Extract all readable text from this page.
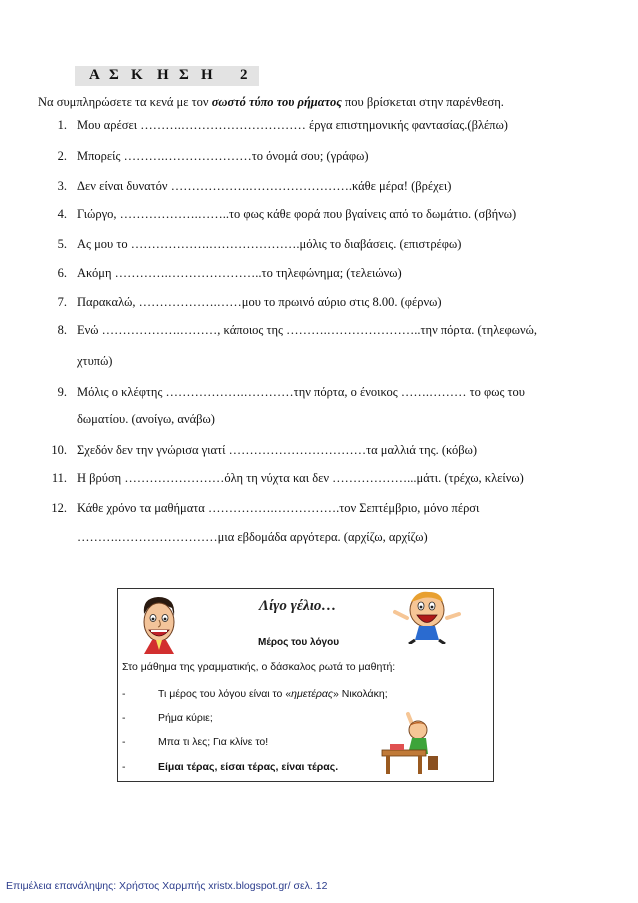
Α Σ Κ Η Σ Η 2
Να συμπληρώσετε τα κενά με τον σωστό τύπο του ρήματος που βρίσκεται στην παρένθεση.
1. Μου αρέσει ……….………………………… έργα επιστημονικής φαντασίας.(βλέπω)
2. Μπορείς ……….…………………το όνομά σου; (γράφω)
3. Δεν είναι δυνατόν ……………….…………………….κάθε μέρα! (βρέχει)
4. Γιώργο, ……………….……..το φως κάθε φορά που βγαίνεις από το δωμάτιο. (σβήνω)
5. Ας μου το ……………….………………….μόλις το διαβάσεις. (επιστρέφω)
6. Ακόμη ………….…………………..το τηλεφώνημα; (τελειώνω)
7. Παρακαλώ, ……………….……μου το πρωινό αύριο στις 8.00. (φέρνω)
8. Ενώ ……………….………, κάποιος της ……….…………………..την πόρτα. (τηλεφωνώ,
χτυπώ)
9. Μόλις ο κλέφτης ……………….…………την πόρτα, ο ένοικος …….……… το φως του
δωματίου. (ανοίγω, ανάβω)
10. Σχεδόν δεν την γνώρισα γιατί ……………………………τα μαλλιά της. (κόβω)
11. Η βρύση ……………………όλη τη νύχτα και δεν ………………...μάτι. (τρέχω, κλείνω)
12. Κάθε χρόνο τα μαθήματα …………….…………….τον Σεπτέμβριο, μόνο πέρσι
……….……………………μια εβδομάδα αργότερα. (αρχίζω, αρχίζω)
Λίγο γέλιο…
Μέρος του λόγου
Στο μάθημα της γραμματικής, ο δάσκαλος ρωτά το μαθητή:
-	Τι μέρος του λόγου είναι το «ημετέρας» Νικολάκη;
-	Ρήμα κύριε;
-	Μπα τι λες; Για κλίνε το!
-	Είμαι τέρας, είσαι τέρας, είναι τέρας.
Επιμέλεια επανάληψης: Χρήστος Χαρμπής xristx.blogspot.gr/ σελ. 12
